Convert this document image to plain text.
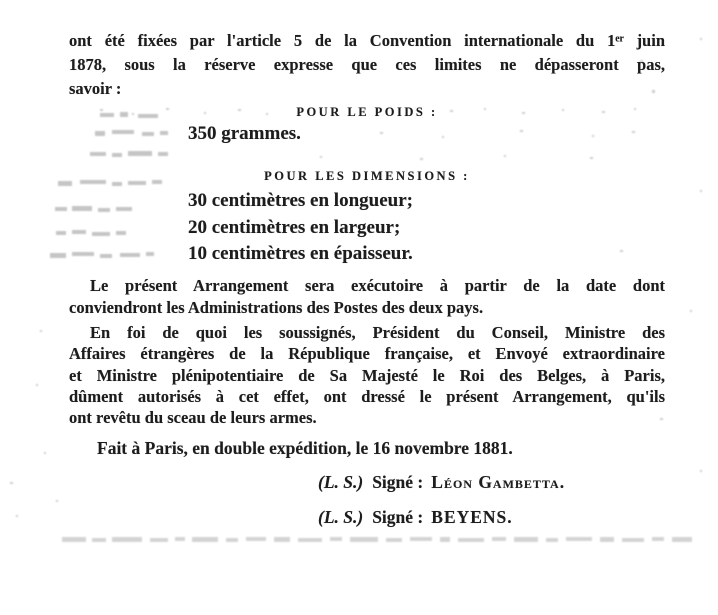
ont été fixées par l'article 5 de la Convention internationale du 1ᵉʳ juin
1878, sous la réserve expresse que ces limites ne dépasseront pas,
savoir :
POUR LE POIDS :
350 grammes.
POUR LES DIMENSIONS :
30 centimètres en longueur;
20 centimètres en largeur;
10 centimètres en épaisseur.
Le présent Arrangement sera exécutoire à partir de la date dont
conviendront les Administrations des Postes des deux pays.
En foi de quoi les soussignés, Président du Conseil, Ministre des
Affaires étrangères de la République française, et Envoyé extraordinaire
et Ministre plénipotentiaire de Sa Majesté le Roi des Belges, à Paris,
dûment autorisés à cet effet, ont dressé le présent Arrangement, qu'ils
ont revêtu du sceau de leurs armes.
Fait à Paris, en double expédition, le 16 novembre 1881.
(L. S.) Signé : Léon Gambetta.
(L. S.) Signé : BEYENS.
